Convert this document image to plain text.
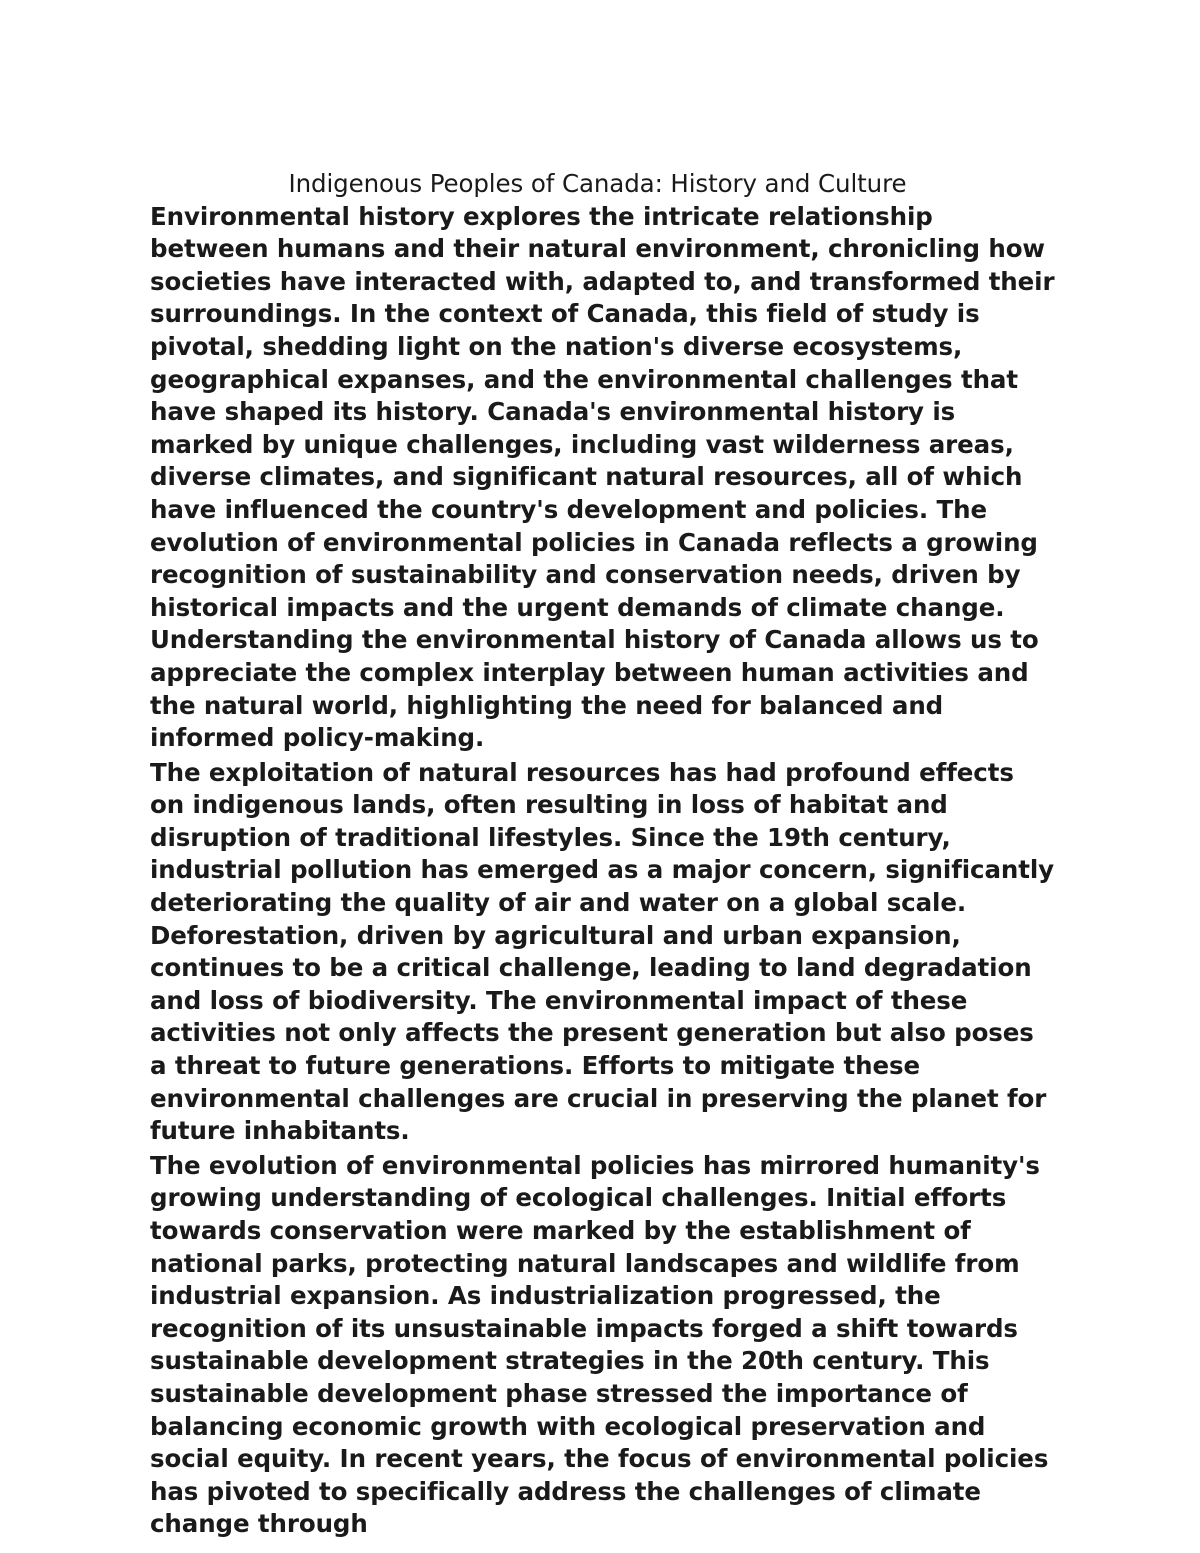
Indigenous Peoples of Canada: History and Culture

Environmental history explores the intricate relationship between humans and their natural environment, chronicling how societies have interacted with, adapted to, and transformed their surroundings. In the context of Canada, this field of study is pivotal, shedding light on the nation's diverse ecosystems, geographical expanses, and the environmental challenges that have shaped its history. Canada's environmental history is marked by unique challenges, including vast wilderness areas, diverse climates, and significant natural resources, all of which have influenced the country's development and policies. The evolution of environmental policies in Canada reflects a growing recognition of sustainability and conservation needs, driven by historical impacts and the urgent demands of climate change. Understanding the environmental history of Canada allows us to appreciate the complex interplay between human activities and the natural world, highlighting the need for balanced and informed policy-making.

The exploitation of natural resources has had profound effects on indigenous lands, often resulting in loss of habitat and disruption of traditional lifestyles. Since the 19th century, industrial pollution has emerged as a major concern, significantly deteriorating the quality of air and water on a global scale. Deforestation, driven by agricultural and urban expansion, continues to be a critical challenge, leading to land degradation and loss of biodiversity. The environmental impact of these activities not only affects the present generation but also poses a threat to future generations. Efforts to mitigate these environmental challenges are crucial in preserving the planet for future inhabitants.

The evolution of environmental policies has mirrored humanity's growing understanding of ecological challenges. Initial efforts towards conservation were marked by the establishment of national parks, protecting natural landscapes and wildlife from industrial expansion. As industrialization progressed, the recognition of its unsustainable impacts forged a shift towards sustainable development strategies in the 20th century. This sustainable development phase stressed the importance of balancing economic growth with ecological preservation and social equity. In recent years, the focus of environmental policies has pivoted to specifically address the challenges of climate change through
